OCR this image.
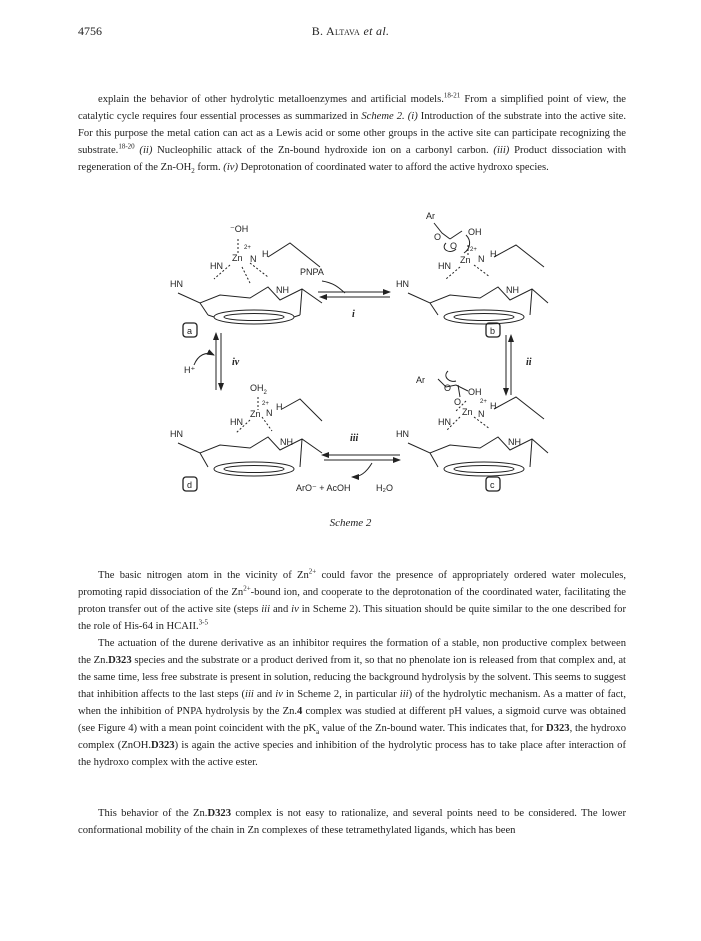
4756	B. Altava et al.

explain the behavior of other hydrolytic metalloenzymes and artificial models.$^{18-21}$ From a simplified point of view, the catalytic cycle requires four essential processes as summarized in Scheme 2. (i) Introduction of the substrate into the active site. For this purpose the metal cation can act as a Lewis acid or some other groups in the active site can participate recognizing the substrate.$^{18-20}$ (ii) Nucleophilic attack of the Zn-bound hydroxide ion on a carbonyl carbon. (iii) Product dissociation with regeneration of the $Zn-OH_2$ form. (iv) Deprotonation of coordinated water to afford the active hydroxo species.

⁻OH
2+
Zn N H
HN
HN
NH
PNPA
i
Ar
O	OH
O 2+
Zn N H
HN
HN
NH
a	b
H⁺
iv	ii
$OH_2$
2+
Zn N
H
HN
HN
NH	iii
ArO⁻ + AcOH	H₂O
Ar
O OH
O	2+
Zn N
H
HN
HN
NH
d	c
Scheme 2

The basic nitrogen atom in the vicinity of $Zn^{2+}$ could favor the presence of appropriately ordered water molecules, promoting rapid dissociation of the $Zn^{2+}$-bound ion, and cooperate to the deprotonation of the coordinated water, facilitating the proton transfer out of the active site (steps iii and iv in Scheme 2). This situation should be quite similar to the one described for the role of His-64 in HCAII.$^{3-5}$

The actuation of the durene derivative as an inhibitor requires the formation of a stable, non productive complex between the Zn.D323 species and the substrate or a product derived from it, so that no phenolate ion is released from that complex and, at the same time, less free substrate is present in solution, reducing the background hydrolysis by the solvent. This seems to suggest that inhibition affects to the last steps (iii and iv in Scheme 2, in particular iii) of the hydrolytic mechanism. As a matter of fact, when the inhibition of PNPA hydrolysis by the Zn.4 complex was studied at different pH values, a sigmoid curve was obtained (see Figure 4) with a mean point coincident with the $pK_a$ value of the Zn-bound water. This indicates that, for D323, the hydroxo complex (ZnOH.D323) is again the active species and inhibition of the hydrolytic process has to take place after interaction of the hydroxo complex with the active ester.

This behavior of the Zn.D323 complex is not easy to rationalize, and several points need to be considered. The lower conformational mobility of the chain in Zn complexes of these tetramethylated ligands, which has been
